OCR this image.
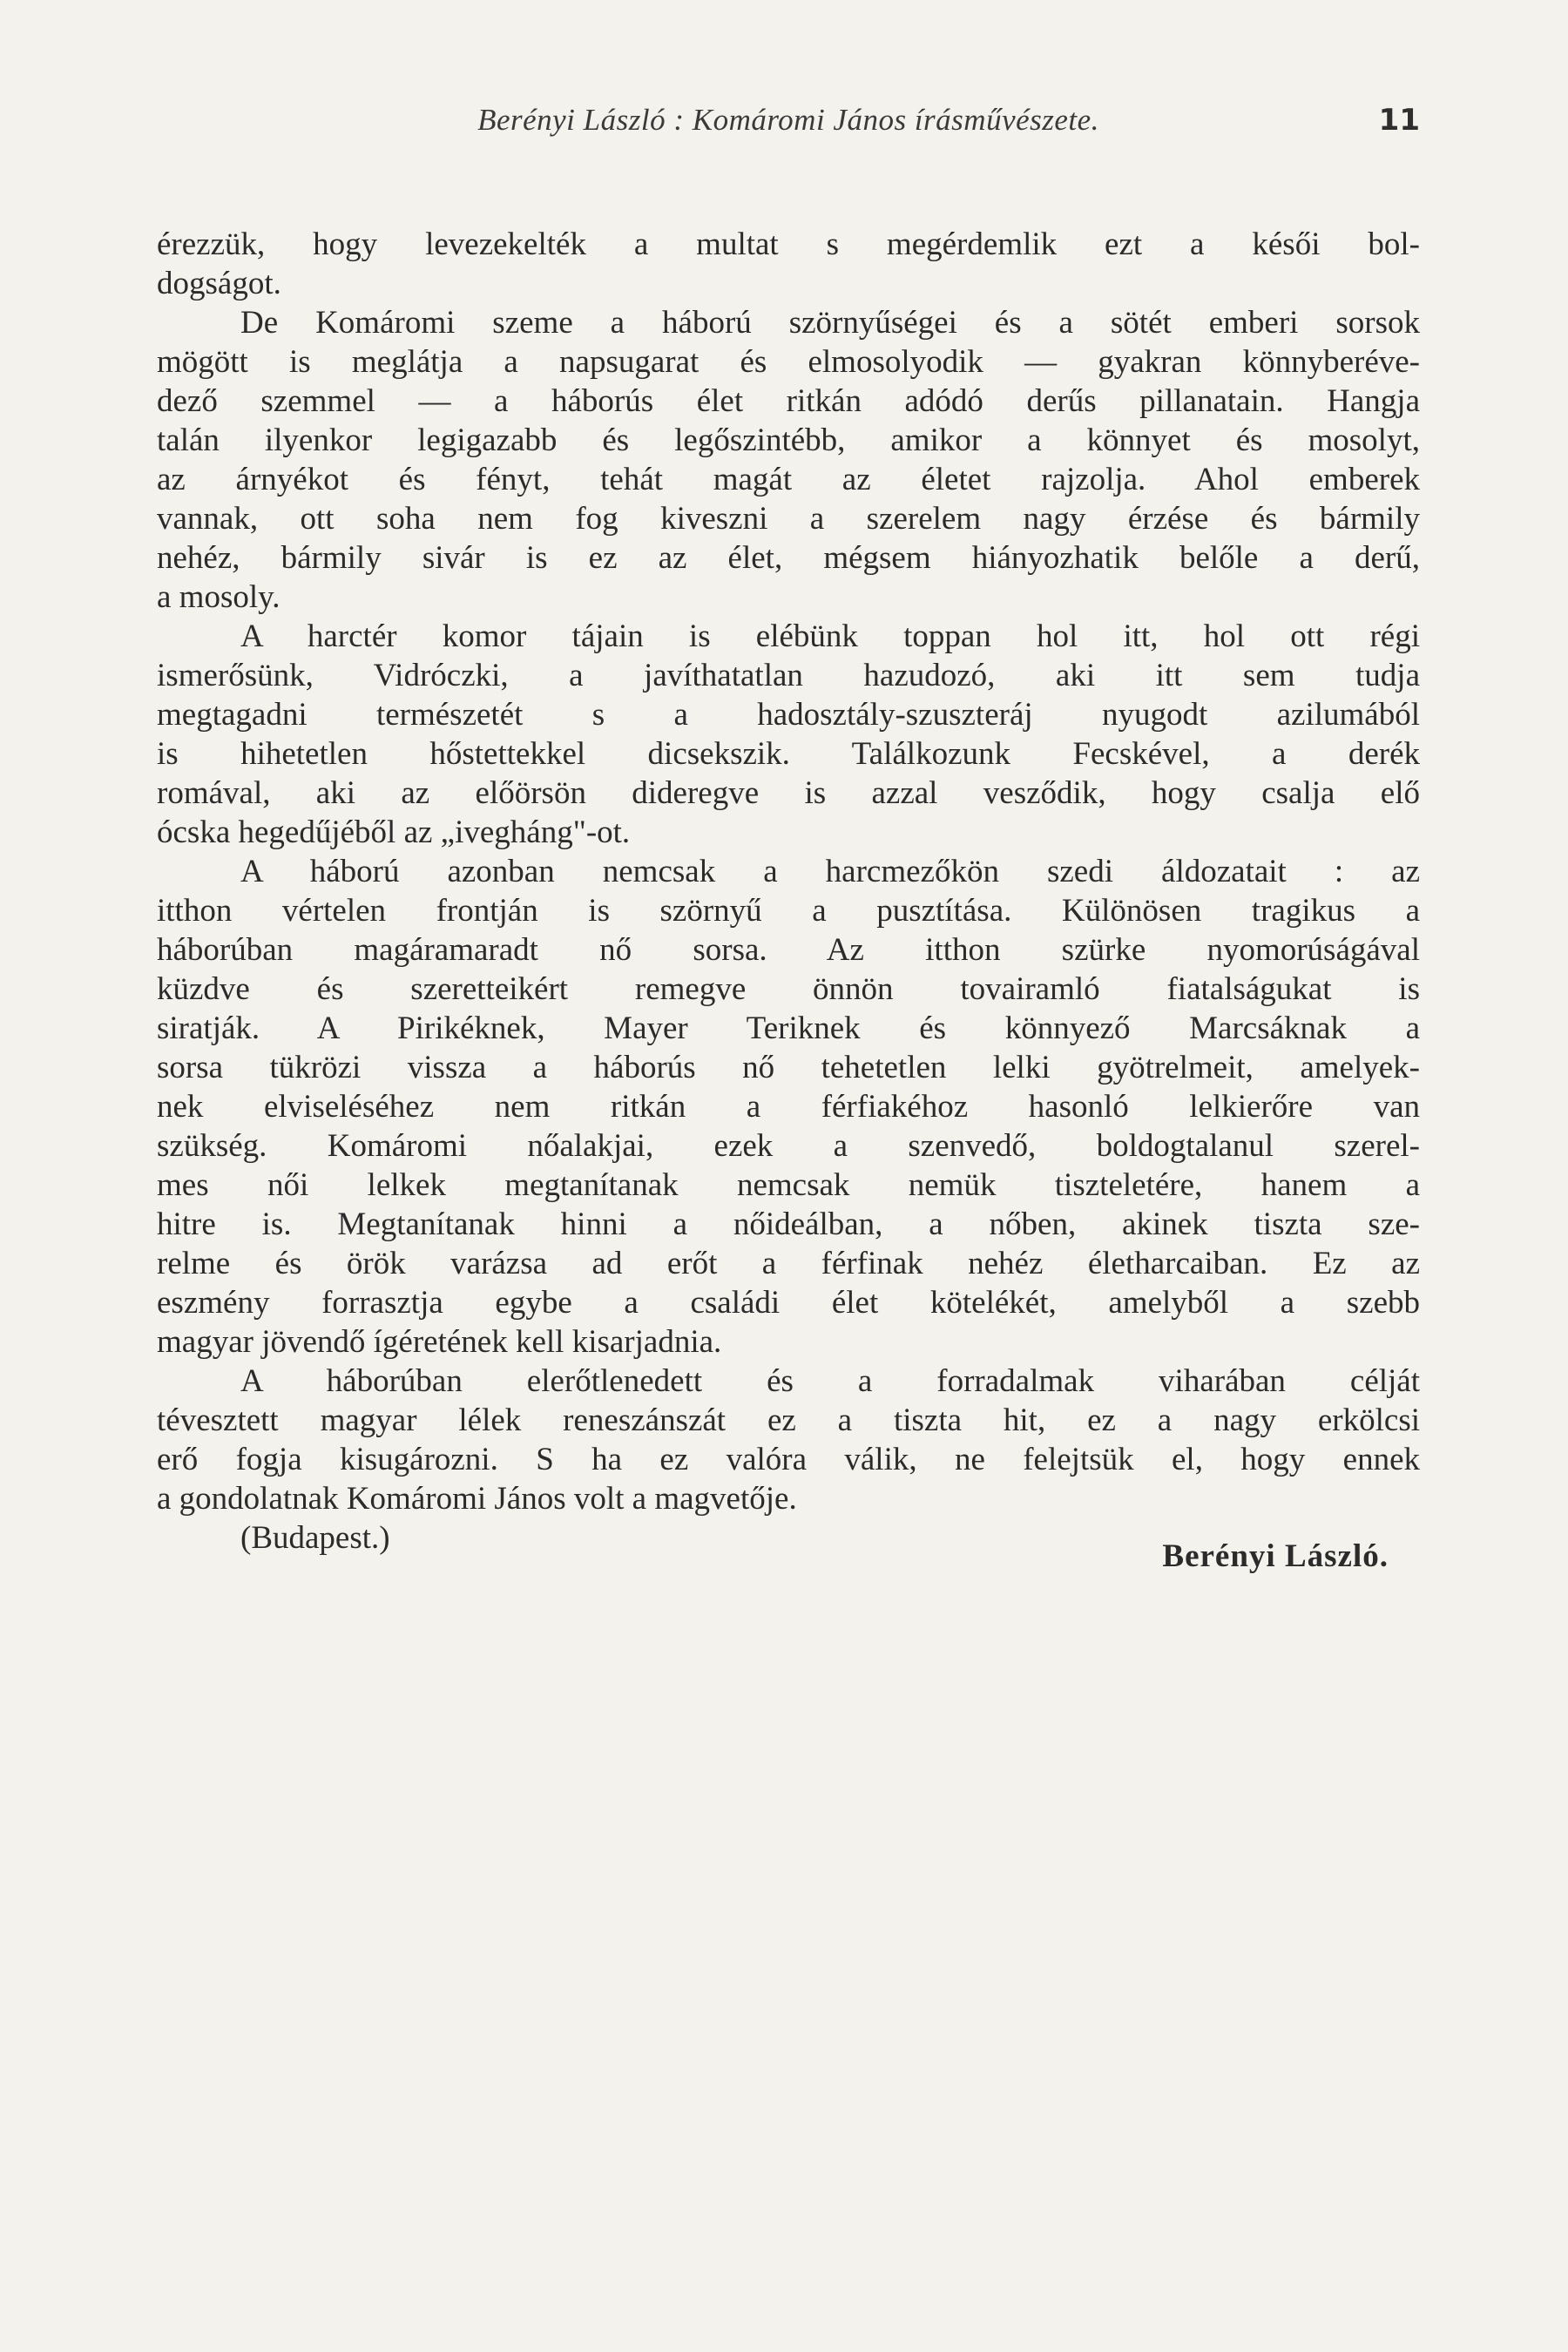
Berényi László : Komáromi János írásművészete.	11
érezzük, hogy levezekelték a multat s megérdemlik ezt a késői bol-
dogságot.
De Komáromi szeme a háború szörnyűségei és a sötét emberi sorsok
mögött is meglátja a napsugarat és elmosolyodik — gyakran könnyberéve-
dező szemmel — a háborús élet ritkán adódó derűs pillanatain. Hangja
talán ilyenkor legigazabb és legőszintébb, amikor a könnyet és mosolyt,
az árnyékot és fényt, tehát magát az életet rajzolja. Ahol emberek
vannak, ott soha nem fog kiveszni a szerelem nagy érzése és bármily
nehéz, bármily sivár is ez az élet, mégsem hiányozhatik belőle a derű,
a mosoly.
A harctér komor tájain is elébünk toppan hol itt, hol ott régi
ismerősünk, Vidróczki, a javíthatatlan hazudozó, aki itt sem tudja
megtagadni természetét s a hadosztály-szuszteráj nyugodt azilumából
is hihetetlen hőstettekkel dicsekszik. Találkozunk Fecskével, a derék
romával, aki az előörsön dideregve is azzal vesződik, hogy csalja elő
ócska hegedűjéből az „ivegháng"-ot.
A háború azonban nemcsak a harcmezőkön szedi áldozatait : az
itthon vértelen frontján is szörnyű a pusztítása. Különösen tragikus a
háborúban magáramaradt nő sorsa. Az itthon szürke nyomorúságával
küzdve és szeretteikért remegve önnön tovairamló fiatalságukat is
siratják. A Pirikéknek, Mayer Teriknek és könnyező Marcsáknak a
sorsa tükrözi vissza a háborús nő tehetetlen lelki gyötrelmeit, amelyek-
nek elviseléséhez nem ritkán a férfiakéhoz hasonló lelkierőre van
szükség. Komáromi nőalakjai, ezek a szenvedő, boldogtalanul szerel-
mes női lelkek megtanítanak nemcsak nemük tiszteletére, hanem a
hitre is. Megtanítanak hinni a nőideálban, a nőben, akinek tiszta sze-
relme és örök varázsa ad erőt a férfinak nehéz életharcaiban. Ez az
eszmény forrasztja egybe a családi élet kötelékét, amelyből a szebb
magyar jövendő ígéretének kell kisarjadnia.
A háborúban elerőtlenedett és a forradalmak viharában célját
tévesztett magyar lélek reneszánszát ez a tiszta hit, ez a nagy erkölcsi
erő fogja kisugározni. S ha ez valóra válik, ne felejtsük el, hogy ennek
a gondolatnak Komáromi János volt a magvetője.
(Budapest.)
Berényi László.
